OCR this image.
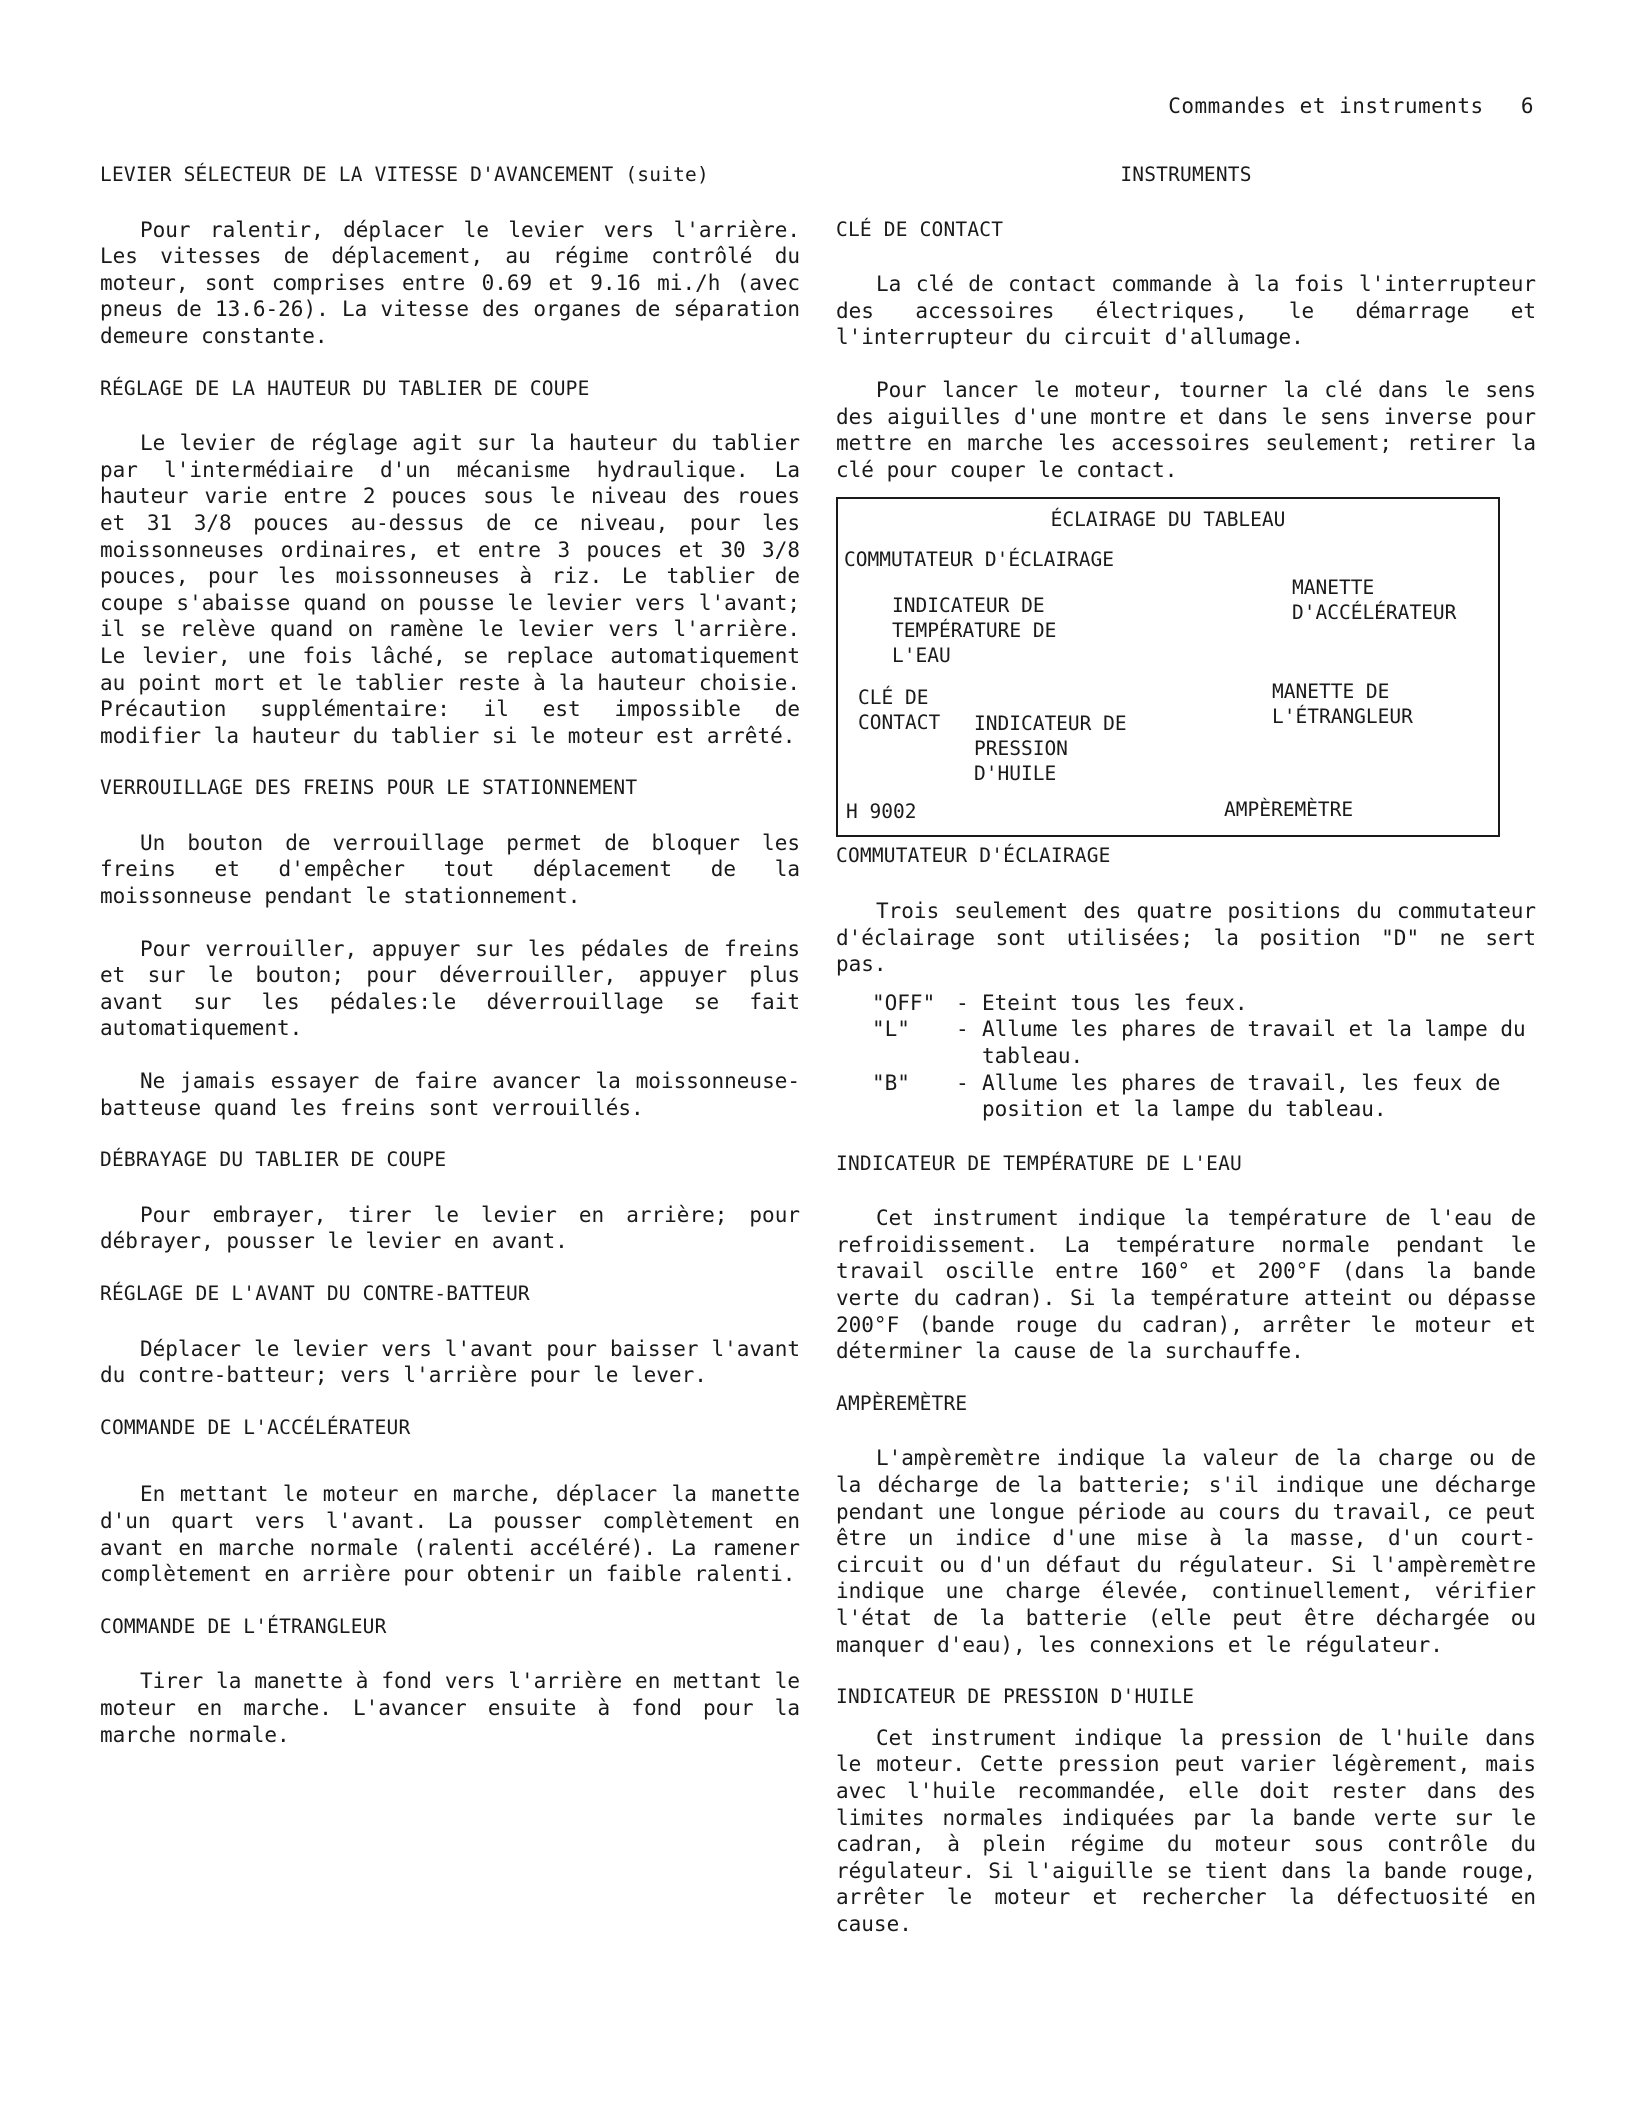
Commandes et instruments 6

LEVIER SÉLECTEUR DE LA VITESSE D'AVANCEMENT (suite)

Pour ralentir, déplacer le levier vers l'arrière. Les vitesses de déplacement, au régime contrôlé du moteur, sont comprises entre 0.69 et 9.16 mi./h (avec pneus de 13.6-26). La vitesse des organes de séparation demeure constante.

RÉGLAGE DE LA HAUTEUR DU TABLIER DE COUPE

Le levier de réglage agit sur la hauteur du tablier par l'intermédiaire d'un mécanisme hydraulique. La hauteur varie entre 2 pouces sous le niveau des roues et 31 3/8 pouces au-dessus de ce niveau, pour les moissonneuses ordinaires, et entre 3 pouces et 30 3/8 pouces, pour les moissonneuses à riz. Le tablier de coupe s'abaisse quand on pousse le levier vers l'avant; il se relève quand on ramène le levier vers l'arrière. Le levier, une fois lâché, se replace automatiquement au point mort et le tablier reste à la hauteur choisie. Précaution supplémentaire: il est impossible de modifier la hauteur du tablier si le moteur est arrêté.

VERROUILLAGE DES FREINS POUR LE STATIONNEMENT

Un bouton de verrouillage permet de bloquer les freins et d'empêcher tout déplacement de la moissonneuse pendant le stationnement.

Pour verrouiller, appuyer sur les pédales de freins et sur le bouton; pour déverrouiller, appuyer plus avant sur les pédales:le déverrouillage se fait automatiquement.

Ne jamais essayer de faire avancer la moissonneuse-batteuse quand les freins sont verrouillés.

DÉBRAYAGE DU TABLIER DE COUPE

Pour embrayer, tirer le levier en arrière; pour débrayer, pousser le levier en avant.

RÉGLAGE DE L'AVANT DU CONTRE-BATTEUR

Déplacer le levier vers l'avant pour baisser l'avant du contre-batteur; vers l'arrière pour le lever.

COMMANDE DE L'ACCÉLÉRATEUR

En mettant le moteur en marche, déplacer la manette d'un quart vers l'avant. La pousser complètement en avant en marche normale (ralenti accéléré). La ramener complètement en arrière pour obtenir un faible ralenti.

COMMANDE DE L'ÉTRANGLEUR

Tirer la manette à fond vers l'arrière en mettant le moteur en marche. L'avancer ensuite à fond pour la marche normale.

INSTRUMENTS

CLÉ DE CONTACT

La clé de contact commande à la fois l'interrupteur des accessoires électriques, le démarrage et l'interrupteur du circuit d'allumage.

Pour lancer le moteur, tourner la clé dans le sens des aiguilles d'une montre et dans le sens inverse pour mettre en marche les accessoires seulement; retirer la clé pour couper le contact.

ÉCLAIRAGE DU TABLEAU
COMMUTATEUR D'ÉCLAIRAGE
MANETTE D'ACCÉLÉRATEUR
INDICATEUR DE TEMPÉRATURE DE L'EAU
MANETTE DE L'ÉTRANGLEUR
CLÉ DE CONTACT	INDICATEUR DE PRESSION D'HUILE
H 9002	AMPÈREMÈTRE

COMMUTATEUR D'ÉCLAIRAGE

Trois seulement des quatre positions du commutateur d'éclairage sont utilisées; la position "D" ne sert pas.

"OFF" - Eteint tous les feux.
"L"	- Allume les phares de travail et la lampe du tableau.
"B"	- Allume les phares de travail, les feux de position et la lampe du tableau.

INDICATEUR DE TEMPÉRATURE DE L'EAU

Cet instrument indique la température de l'eau de refroidissement. La température normale pendant le travail oscille entre 160° et 200°F (dans la bande verte du cadran). Si la température atteint ou dépasse 200°F (bande rouge du cadran), arrêter le moteur et déterminer la cause de la surchauffe.

AMPÈREMÈTRE

L'ampèremètre indique la valeur de la charge ou de la décharge de la batterie; s'il indique une décharge pendant une longue période au cours du travail, ce peut être un indice d'une mise à la masse, d'un court-circuit ou d'un défaut du régulateur. Si l'ampèremètre indique une charge élevée, continuellement, vérifier l'état de la batterie (elle peut être déchargée ou manquer d'eau), les connexions et le régulateur.

INDICATEUR DE PRESSION D'HUILE

Cet instrument indique la pression de l'huile dans le moteur. Cette pression peut varier légèrement, mais avec l'huile recommandée, elle doit rester dans des limites normales indiquées par la bande verte sur le cadran, à plein régime du moteur sous contrôle du régulateur. Si l'aiguille se tient dans la bande rouge, arrêter le moteur et rechercher la défectuosité en cause.
